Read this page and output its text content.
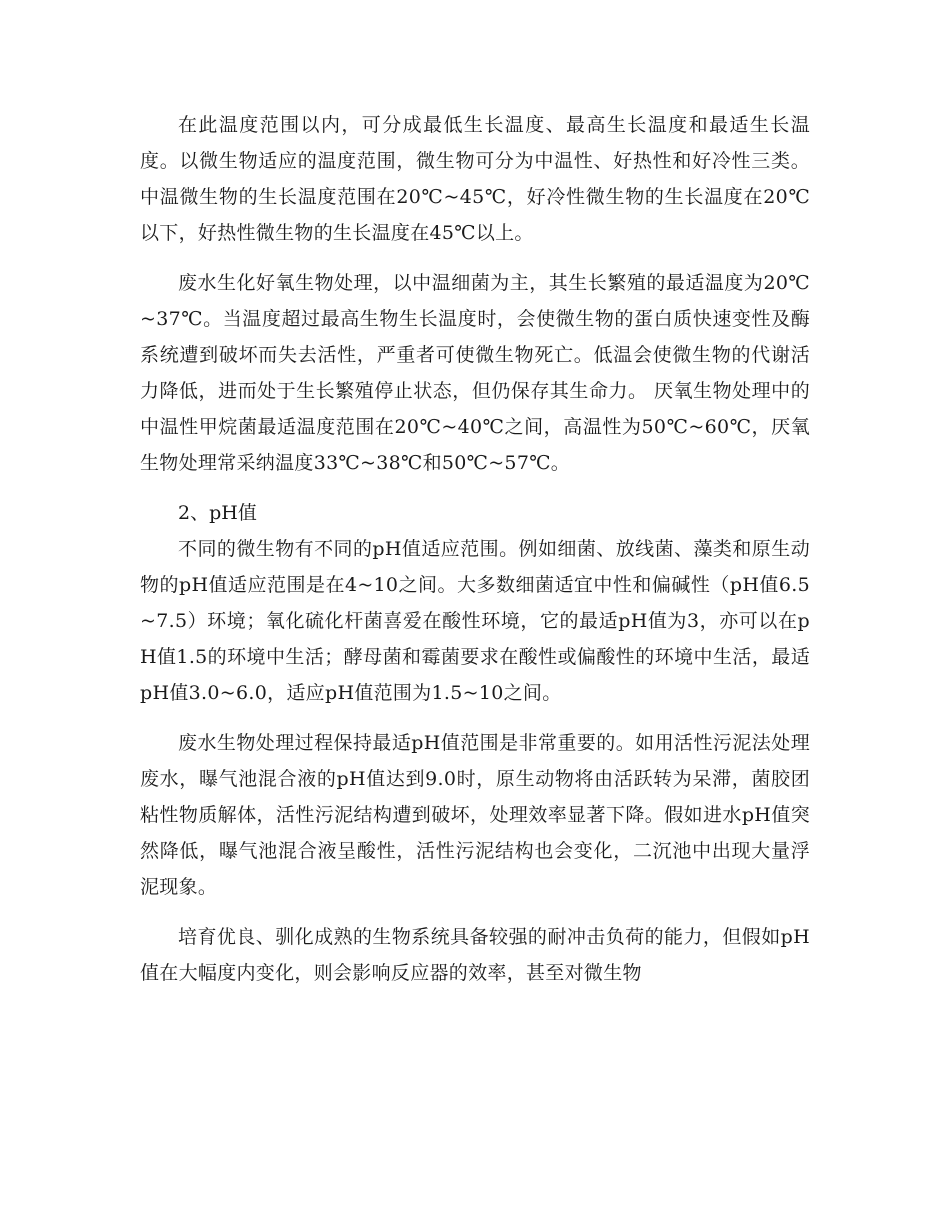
在此温度范围以内，可分成最低生长温度、最高生长温度和最适生长温度。以微生物适应的温度范围，微生物可分为中温性、好热性和好冷性三类。中温微生物的生长温度范围在20℃~45℃，好冷性微生物的生长温度在20℃以下，好热性微生物的生长温度在45℃以上。

废水生化好氧生物处理，以中温细菌为主，其生长繁殖的最适温度为20℃~37℃。当温度超过最高生物生长温度时，会使微生物的蛋白质快速变性及酶系统遭到破坏而失去活性，严重者可使微生物死亡。低温会使微生物的代谢活力降低，进而处于生长繁殖停止状态，但仍保存其生命力。 厌氧生物处理中的中温性甲烷菌最适温度范围在20℃~40℃之间，高温性为50℃~60℃，厌氧生物处理常采纳温度33℃~38℃和50℃~57℃。

2、pH值

不同的微生物有不同的pH值适应范围。例如细菌、放线菌、藻类和原生动物的pH值适应范围是在4~10之间。大多数细菌适宜中性和偏碱性（pH值6.5~7.5）环境；氧化硫化杆菌喜爱在酸性环境，它的最适pH值为3，亦可以在pH值1.5的环境中生活；酵母菌和霉菌要求在酸性或偏酸性的环境中生活，最适pH值3.0~6.0，适应pH值范围为1.5~10之间。

废水生物处理过程保持最适pH值范围是非常重要的。如用活性污泥法处理废水，曝气池混合液的pH值达到9.0时，原生动物将由活跃转为呆滞，菌胶团粘性物质解体，活性污泥结构遭到破坏，处理效率显著下降。假如进水pH值突然降低，曝气池混合液呈酸性，活性污泥结构也会变化，二沉池中出现大量浮泥现象。

培育优良、驯化成熟的生物系统具备较强的耐冲击负荷的能力，但假如pH值在大幅度内变化，则会影响反应器的效率，甚至对微生物
